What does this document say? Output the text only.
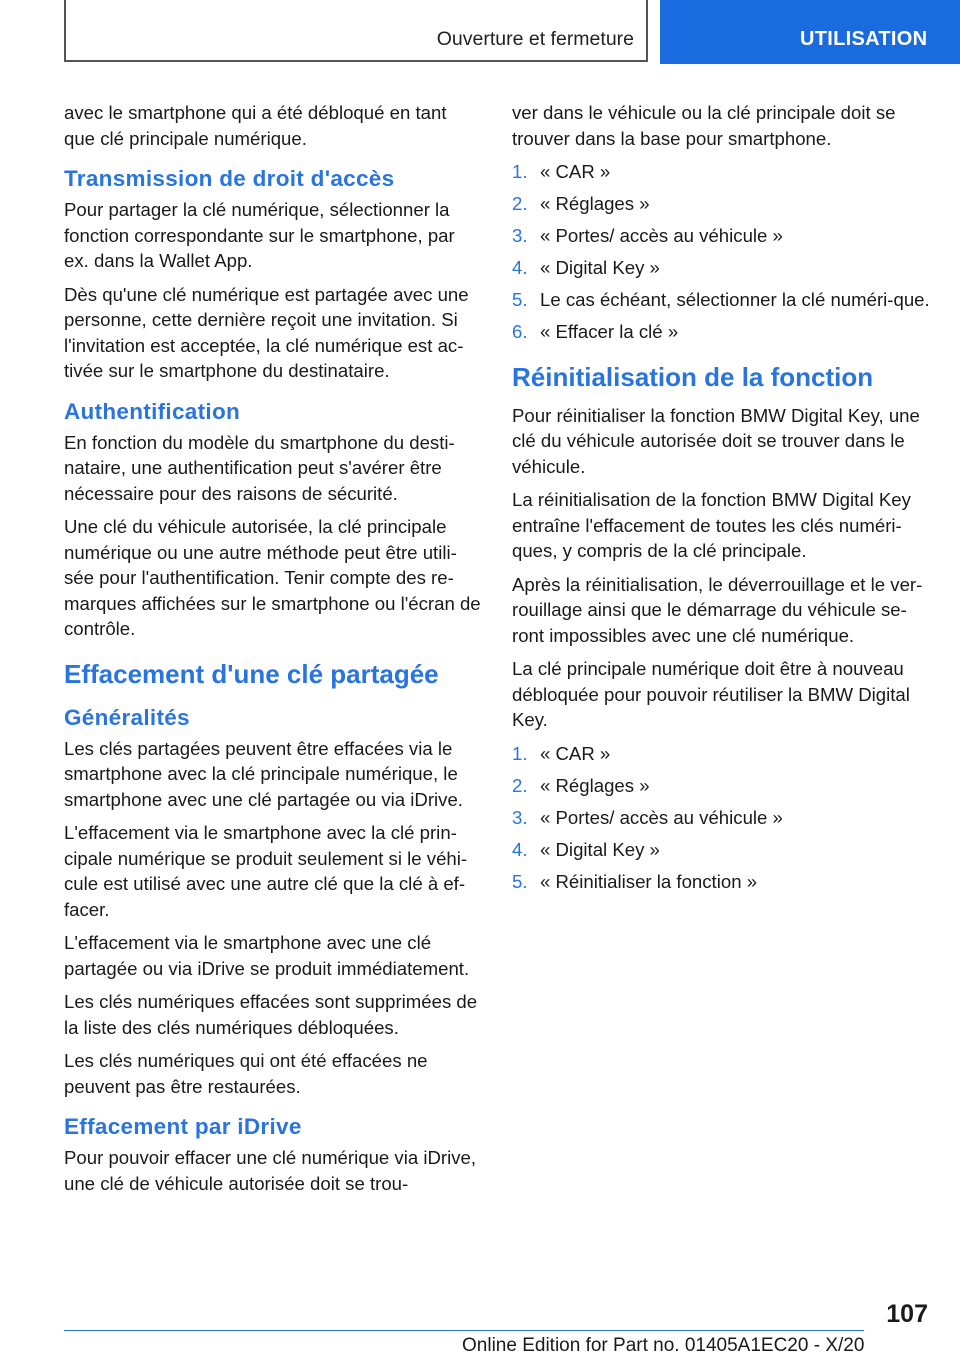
Ouverture et fermeture	UTILISATION

avec le smartphone qui a été débloqué en tant que clé principale numérique.

Transmission de droit d'accès

Pour partager la clé numérique, sélectionner la fonction correspondante sur le smartphone, par ex. dans la Wallet App.

Dès qu'une clé numérique est partagée avec une personne, cette dernière reçoit une invitation. Si l'invitation est acceptée, la clé numérique est ac-tivée sur le smartphone du destinataire.

Authentification

En fonction du modèle du smartphone du desti-nataire, une authentification peut s'avérer être nécessaire pour des raisons de sécurité.

Une clé du véhicule autorisée, la clé principale numérique ou une autre méthode peut être utili-sée pour l'authentification. Tenir compte des re-marques affichées sur le smartphone ou l'écran de contrôle.

Effacement d'une clé partagée
Généralités

Les clés partagées peuvent être effacées via le smartphone avec la clé principale numérique, le smartphone avec une clé partagée ou via iDrive.

L'effacement via le smartphone avec la clé prin-cipale numérique se produit seulement si le véhi-cule est utilisé avec une autre clé que la clé à ef-facer.

L'effacement via le smartphone avec une clé partagée ou via iDrive se produit immédiatement.

Les clés numériques effacées sont supprimées de la liste des clés numériques débloquées.

Les clés numériques qui ont été effacées ne peuvent pas être restaurées.

Effacement par iDrive

Pour pouvoir effacer une clé numérique via iDrive, une clé de véhicule autorisée doit se trou-

ver dans le véhicule ou la clé principale doit se trouver dans la base pour smartphone.

1. « CAR »
2. « Réglages »
3. « Portes/ accès au véhicule »
4. « Digital Key »
5. Le cas échéant, sélectionner la clé numéri-que.
6. « Effacer la clé »
Réinitialisation de la fonction

Pour réinitialiser la fonction BMW Digital Key, une clé du véhicule autorisée doit se trouver dans le véhicule.

La réinitialisation de la fonction BMW Digital Key entraîne l'effacement de toutes les clés numéri-ques, y compris de la clé principale.

Après la réinitialisation, le déverrouillage et le ver-rouillage ainsi que le démarrage du véhicule se-ront impossibles avec une clé numérique.

La clé principale numérique doit être à nouveau débloquée pour pouvoir réutiliser la BMW Digital Key.

1. « CAR »
2. « Réglages »
3. « Portes/ accès au véhicule »
4. « Digital Key »
5. « Réinitialiser la fonction »
107
Online Edition for Part no. 01405A1EC20 - X/20
